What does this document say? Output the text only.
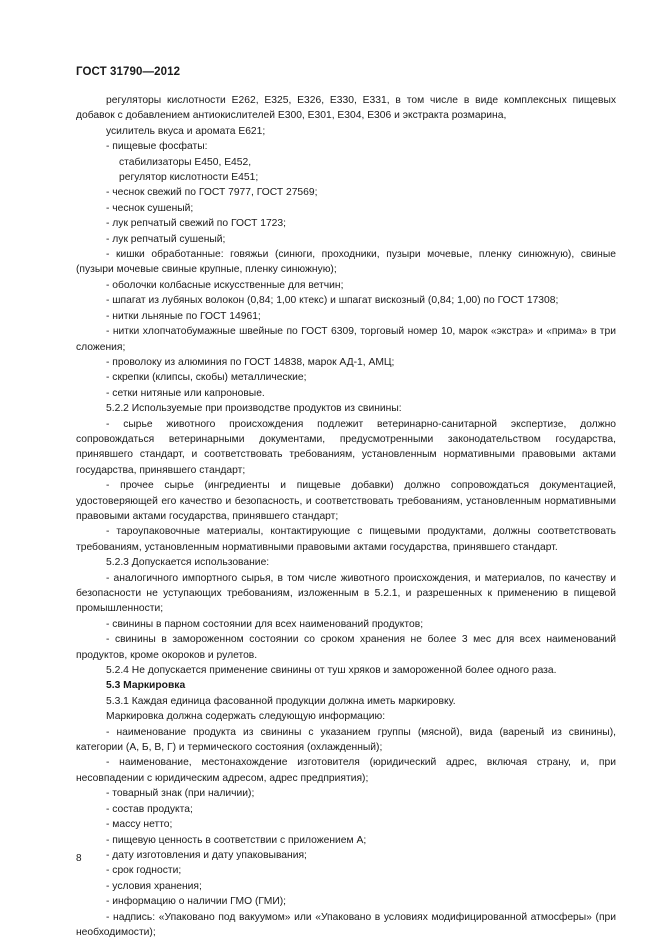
ГОСТ 31790—2012
регуляторы кислотности Е262, Е325, Е326, Е330, Е331, в том числе в виде комплексных пищевых добавок с добавлением антиокислителей Е300, Е301, Е304, Е306 и экстракта розмарина,
усилитель вкуса и аромата Е621;
- пищевые фосфаты:
стабилизаторы Е450, Е452,
регулятор кислотности Е451;
- чеснок свежий по ГОСТ 7977, ГОСТ 27569;
- чеснок сушеный;
- лук репчатый свежий по ГОСТ 1723;
- лук репчатый сушеный;
- кишки обработанные: говяжьи (синюги, проходники, пузыри мочевые, пленку синюжную), свиные (пузыри мочевые свиные крупные, пленку синюжную);
- оболочки колбасные искусственные для ветчин;
- шпагат из лубяных волокон (0,84; 1,00 ктекс) и шпагат вискозный (0,84; 1,00) по ГОСТ 17308;
- нитки льняные по ГОСТ 14961;
- нитки хлопчатобумажные швейные по ГОСТ 6309, торговый номер 10, марок «экстра» и «прима» в три сложения;
- проволоку из алюминия по ГОСТ 14838, марок АД-1, АМЦ;
- скрепки (клипсы, скобы) металлические;
- сетки нитяные или капроновые.
5.2.2 Используемые при производстве продуктов из свинины:
- сырье животного происхождения подлежит ветеринарно-санитарной экспертизе, должно сопровождаться ветеринарными документами, предусмотренными законодательством государства, принявшего стандарт, и соответствовать требованиям, установленным нормативными правовыми актами государства, принявшего стандарт;
- прочее сырье (ингредиенты и пищевые добавки) должно сопровождаться документацией, удостоверяющей его качество и безопасность, и соответствовать требованиям, установленным нормативными правовыми актами государства, принявшего стандарт;
- тароупаковочные материалы, контактирующие с пищевыми продуктами, должны соответствовать требованиям, установленным нормативными правовыми актами государства, принявшего стандарт.
5.2.3 Допускается использование:
- аналогичного импортного сырья, в том числе животного происхождения, и материалов, по качеству и безопасности не уступающих требованиям, изложенным в 5.2.1, и разрешенных к применению в пищевой промышленности;
- свинины в парном состоянии для всех наименований продуктов;
- свинины в замороженном состоянии со сроком хранения не более 3 мес для всех наименований продуктов, кроме окороков и рулетов.
5.2.4 Не допускается применение свинины от туш хряков и замороженной более одного раза.
5.3 Маркировка
5.3.1 Каждая единица фасованной продукции должна иметь маркировку.
Маркировка должна содержать следующую информацию:
- наименование продукта из свинины с указанием группы (мясной), вида (вареный из свинины), категории (А, Б, В, Г) и термического состояния (охлажденный);
- наименование, местонахождение изготовителя (юридический адрес, включая страну, и, при несовпадении с юридическим адресом, адрес предприятия);
- товарный знак (при наличии);
- состав продукта;
- массу нетто;
- пищевую ценность в соответствии с приложением А;
- дату изготовления и дату упаковывания;
- срок годности;
- условия хранения;
- информацию о наличии ГМО (ГМИ);
- надпись: «Упаковано под вакуумом» или «Упаковано в условиях модифицированной атмосферы» (при необходимости);
8
